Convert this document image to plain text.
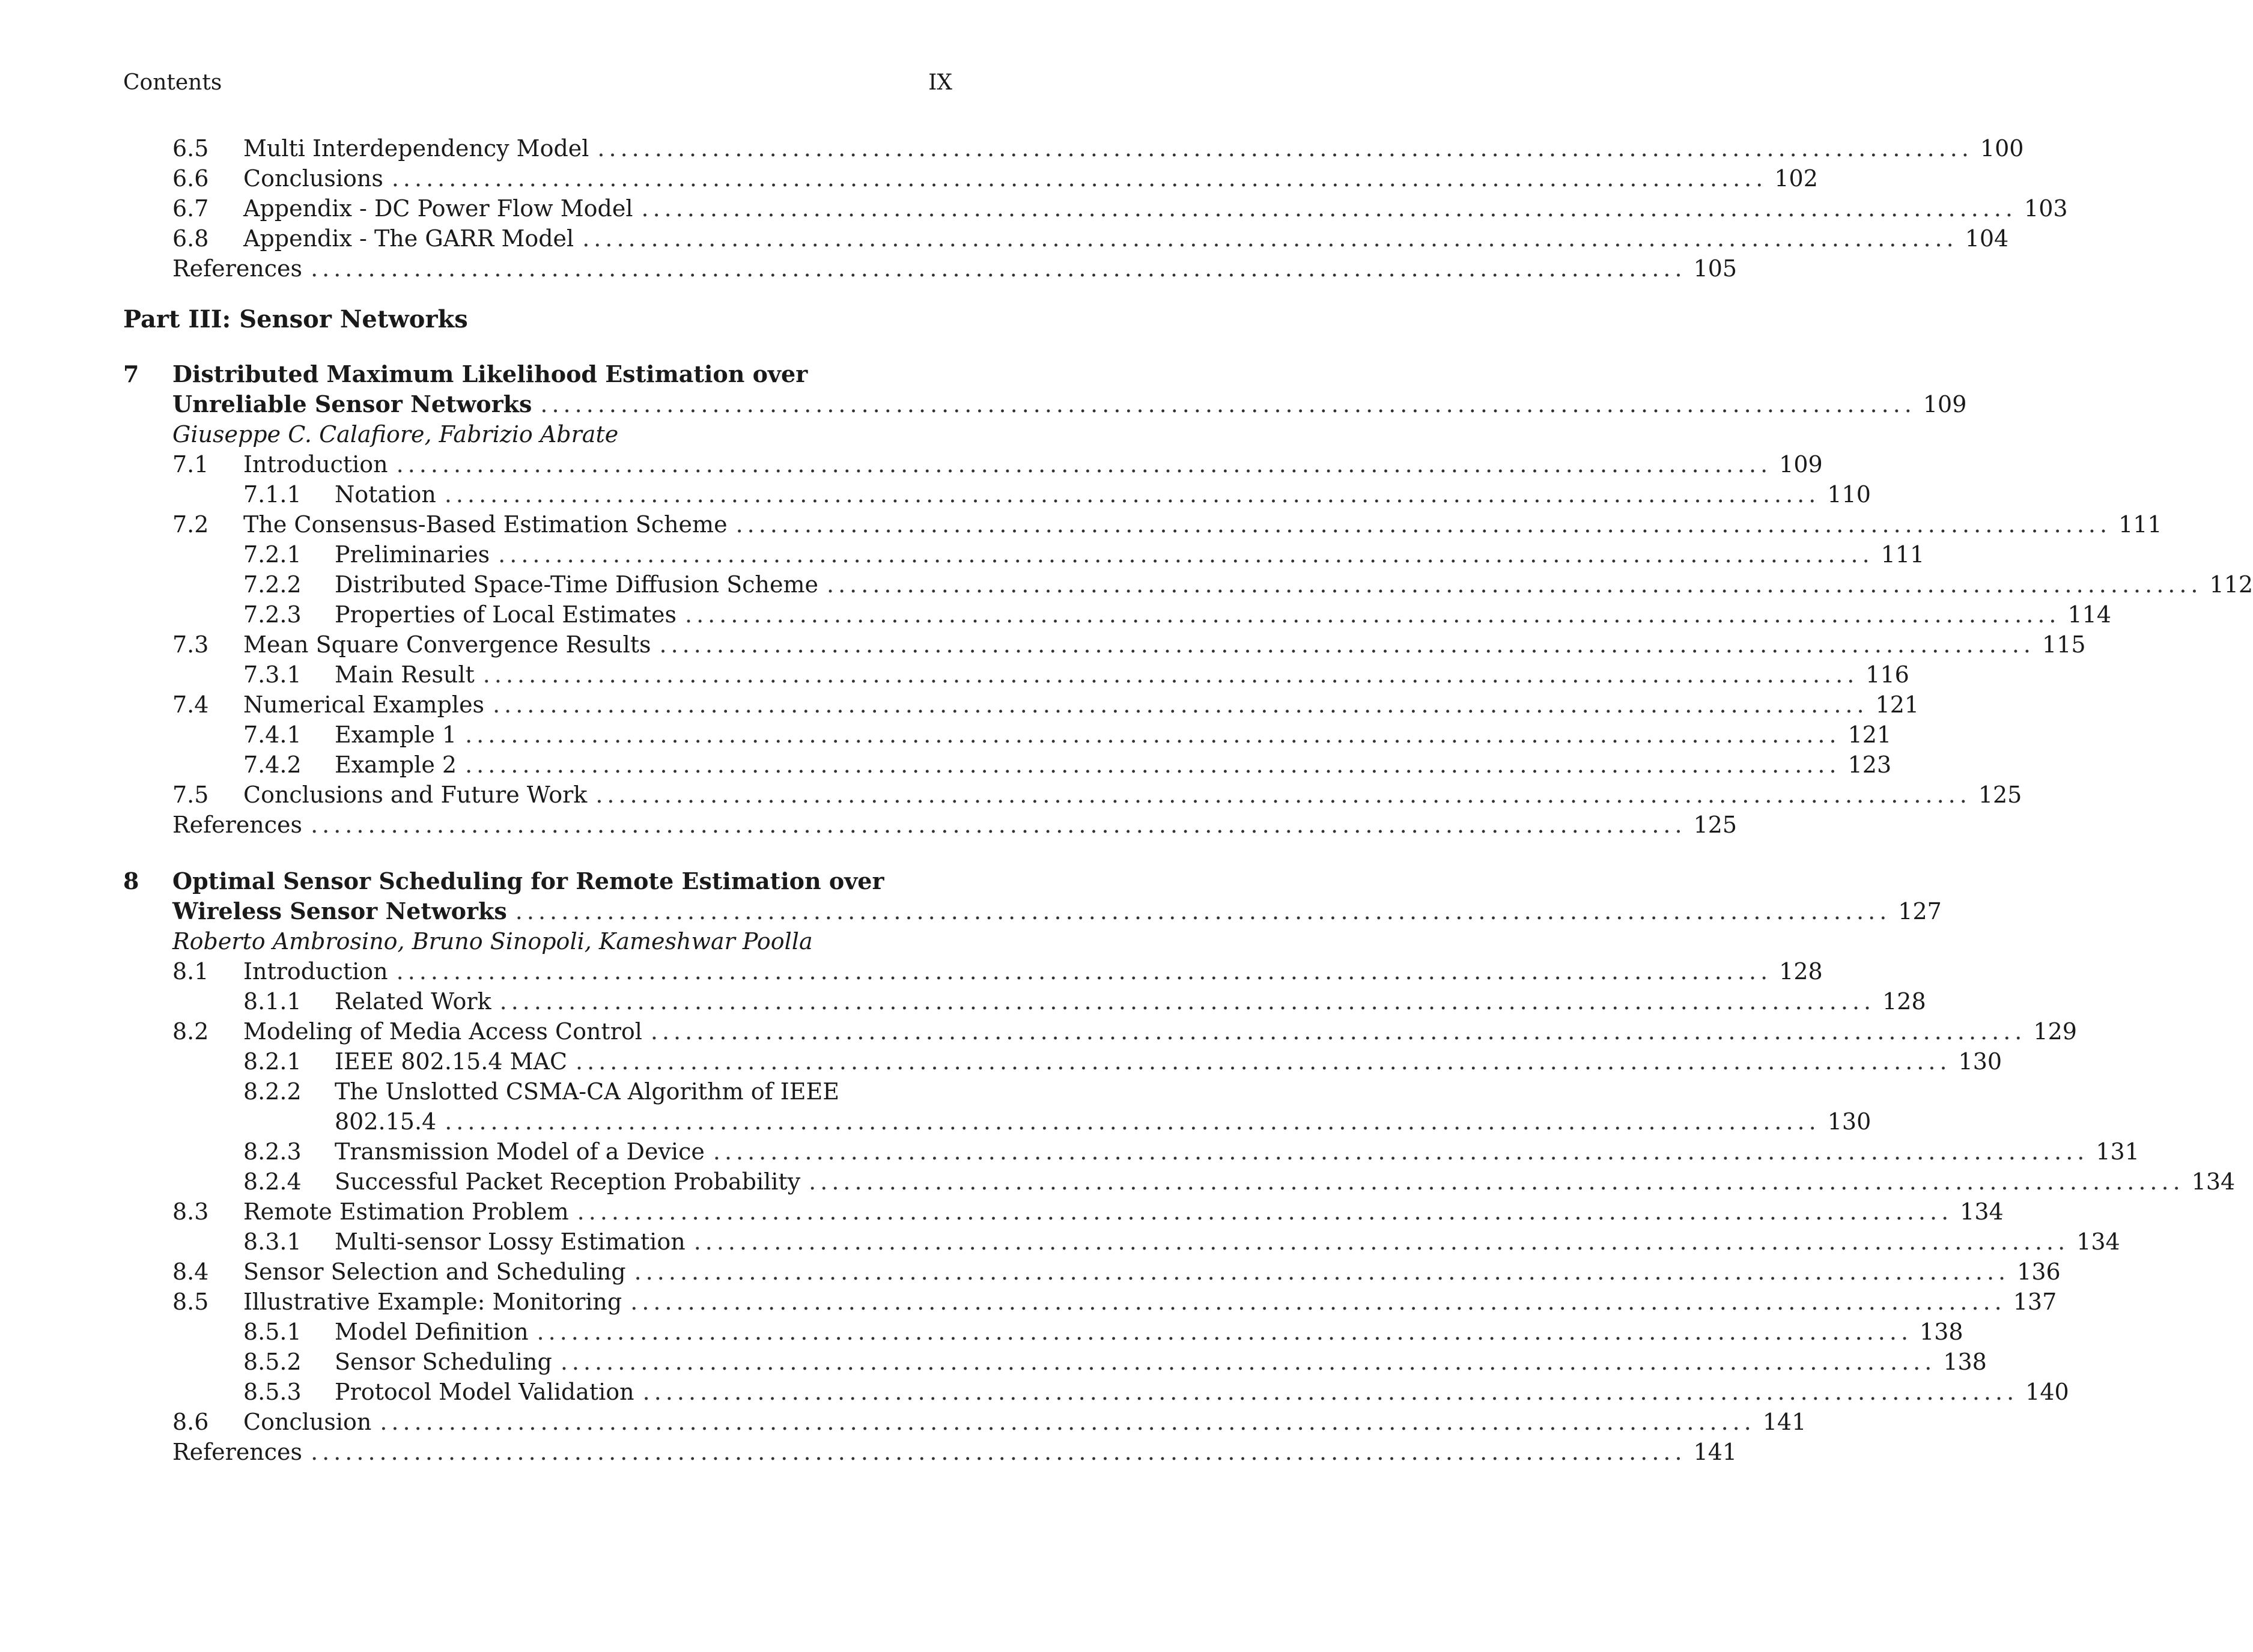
Contents	IX
6.5 Multi Interdependency Model ........................................................................................................................ 100
6.6 Conclusions ........................................................................................................................ 102
6.7 Appendix - DC Power Flow Model ........................................................................................................................ 103
6.8 Appendix - The GARR Model ........................................................................................................................ 104
References ........................................................................................................................ 105
Part III: Sensor Networks
7 Distributed Maximum Likelihood Estimation over
Unreliable Sensor Networks ........................................................................................................................ 109
Giuseppe C. Calafiore, Fabrizio Abrate
7.1 Introduction ........................................................................................................................ 109
7.1.1 Notation ........................................................................................................................ 110
7.2 The Consensus-Based Estimation Scheme ........................................................................................................................ 111
7.2.1 Preliminaries ........................................................................................................................ 111
7.2.2 Distributed Space-Time Diffusion Scheme ........................................................................................................................ 112
7.2.3 Properties of Local Estimates ........................................................................................................................ 114
7.3 Mean Square Convergence Results ........................................................................................................................ 115
7.3.1 Main Result ........................................................................................................................ 116
7.4 Numerical Examples ........................................................................................................................ 121
7.4.1 Example 1 ........................................................................................................................ 121
7.4.2 Example 2 ........................................................................................................................ 123
7.5 Conclusions and Future Work ........................................................................................................................ 125
References ........................................................................................................................ 125
8 Optimal Sensor Scheduling for Remote Estimation over
Wireless Sensor Networks ........................................................................................................................ 127
Roberto Ambrosino, Bruno Sinopoli, Kameshwar Poolla
8.1 Introduction ........................................................................................................................ 128
8.1.1 Related Work ........................................................................................................................ 128
8.2 Modeling of Media Access Control ........................................................................................................................ 129
8.2.1 IEEE 802.15.4 MAC ........................................................................................................................ 130
8.2.2 The Unslotted CSMA-CA Algorithm of IEEE
802.15.4 ........................................................................................................................ 130
8.2.3 Transmission Model of a Device ........................................................................................................................ 131
8.2.4 Successful Packet Reception Probability ........................................................................................................................ 134
8.3 Remote Estimation Problem ........................................................................................................................ 134
8.3.1 Multi-sensor Lossy Estimation ........................................................................................................................ 134
8.4 Sensor Selection and Scheduling ........................................................................................................................ 136
8.5 Illustrative Example: Monitoring ........................................................................................................................ 137
8.5.1 Model Definition ........................................................................................................................ 138
8.5.2 Sensor Scheduling ........................................................................................................................ 138
8.5.3 Protocol Model Validation ........................................................................................................................ 140
8.6 Conclusion ........................................................................................................................ 141
References ........................................................................................................................ 141
